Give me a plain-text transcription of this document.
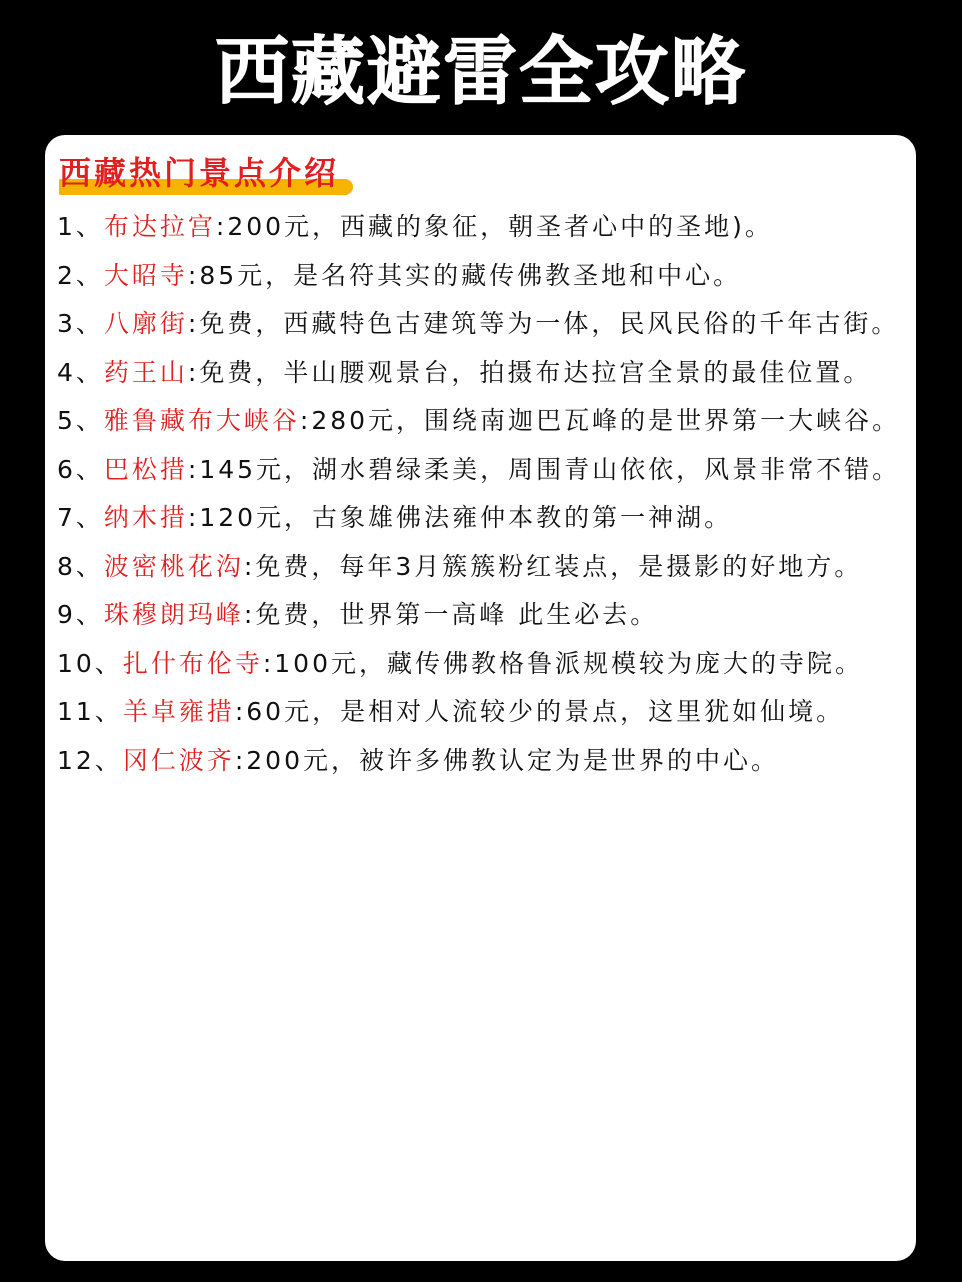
西藏避雷全攻略
西藏热门景点介绍
1、布达拉宫:200元，西藏的象征，朝圣者心中的圣地)。
2、大昭寺:85元，是名符其实的藏传佛教圣地和中心。
3、八廓街:免费，西藏特色古建筑等为一体，民风民俗的千年古街。
4、药王山:免费，半山腰观景台，拍摄布达拉宫全景的最佳位置。
5、雅鲁藏布大峡谷:280元，围绕南迦巴瓦峰的是世界第一大峡谷。
6、巴松措:145元，湖水碧绿柔美，周围青山依依，风景非常不错。
7、纳木措:120元，古象雄佛法雍仲本教的第一神湖。
8、波密桃花沟:免费，每年3月簇簇粉红装点，是摄影的好地方。
9、珠穆朗玛峰:免费，世界第一高峰 此生必去。
10、扎什布伦寺:100元，藏传佛教格鲁派规模较为庞大的寺院。
11、羊卓雍措:60元，是相对人流较少的景点，这里犹如仙境。
12、冈仁波齐:200元，被许多佛教认定为是世界的中心。
